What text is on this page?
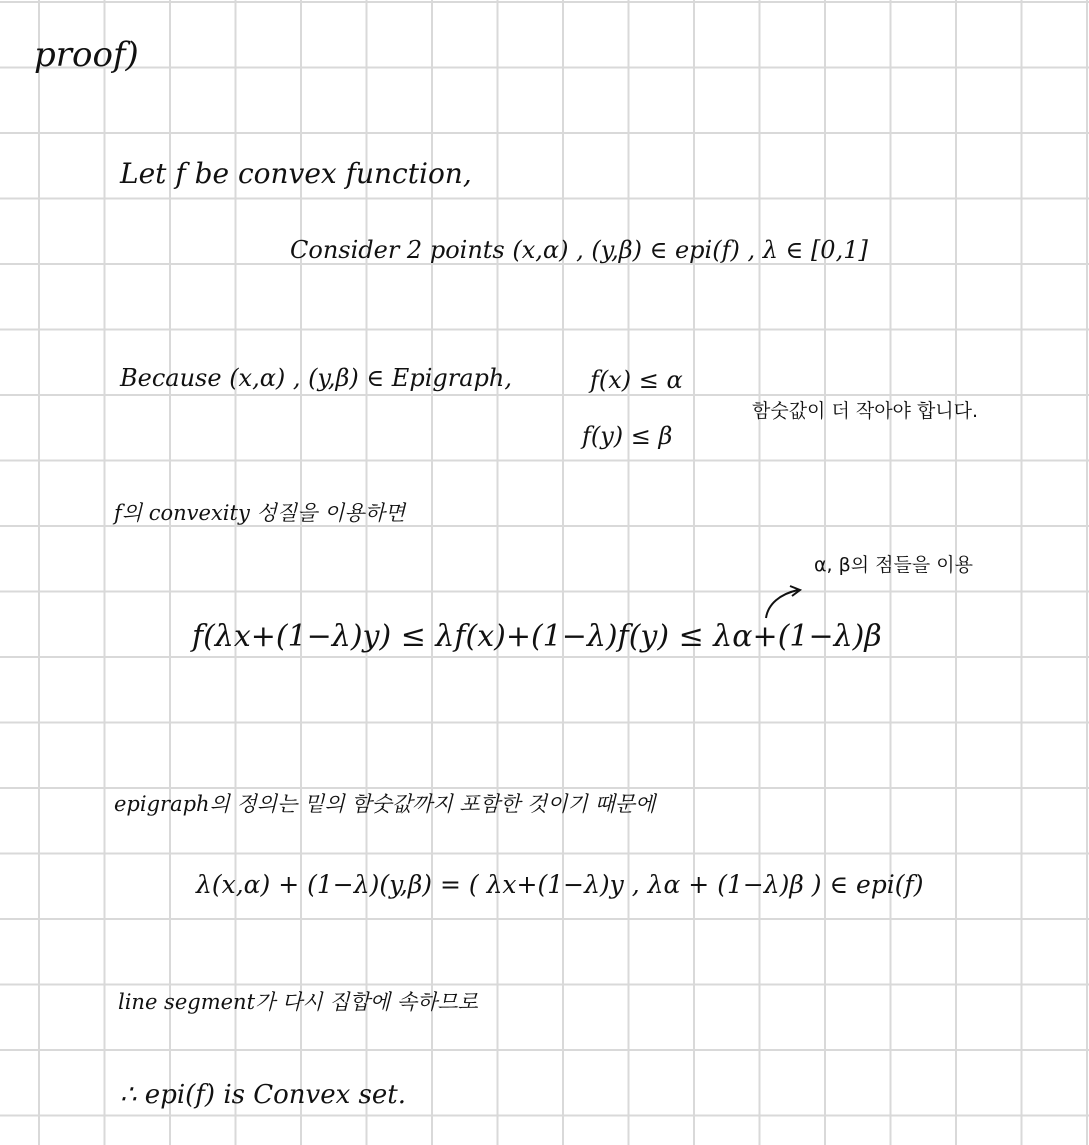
proof)
Let f be convex function,
Consider 2 points (x,α) , (y,β) ∈ epi(f) , λ ∈ [0,1]
Because (x,α) , (y,β) ∈ Epigraph,	f(x) ≤ α
f(y) ≤ β
함숫값이 더 작아야 합니다.
f의 convexity 성질을 이용하면
α, β의 점들을 이용
f(λx+(1−λ)y) ≤ λf(x)+(1−λ)f(y) ≤ λα+(1−λ)β
epigraph의 정의는 밑의 함숫값까지 포함한 것이기 때문에
λ(x,α) + (1−λ)(y,β) = ( λx+(1−λ)y , λα + (1−λ)β ) ∈ epi(f)
line segment가 다시 집합에 속하므로
∴ epi(f) is Convex set.
